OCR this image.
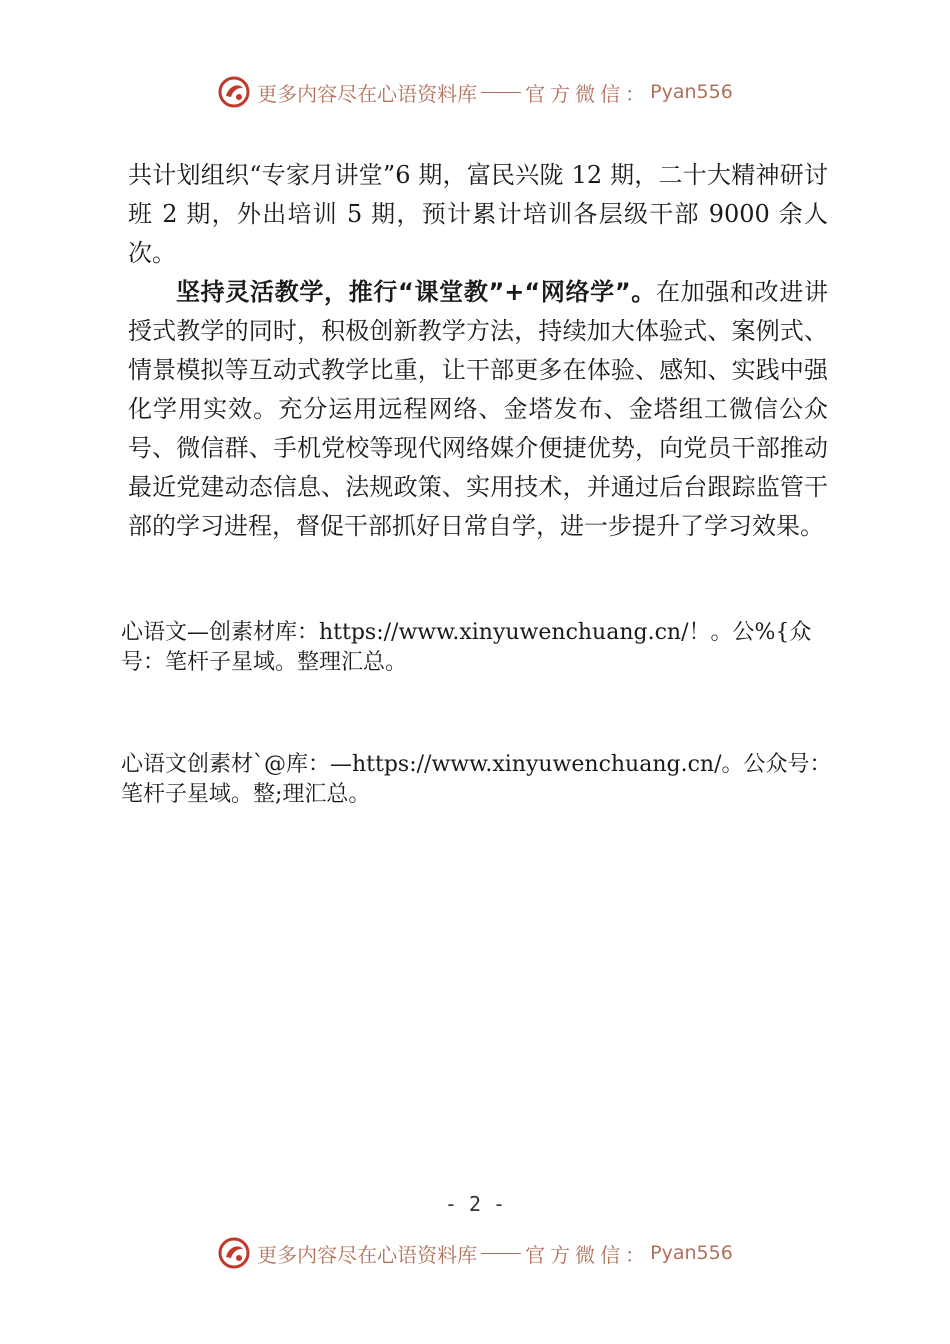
更多内容尽在心语资料库 官方微信： Pyan556

共计划组织“专家月讲堂”6 期，富民兴陇 12 期，二十大精神研讨班 2 期，外出培训 5 期，预计累计培训各层级干部 9000 余人次。

坚持灵活教学，推行“课堂教”+“网络学”。在加强和改进讲授式教学的同时，积极创新教学方法，持续加大体验式、案例式、情景模拟等互动式教学比重，让干部更多在体验、感知、实践中强化学用实效。充分运用远程网络、金塔发布、金塔组工微信公众号、微信群、手机党校等现代网络媒介便捷优势，向党员干部推动最近党建动态信息、法规政策、实用技术，并通过后台跟踪监管干部的学习进程，督促干部抓好日常自学，进一步提升了学习效果。

心语文—创素材库：https://www.xinyuwenchuang.cn/！。公%{众号：笔杆子星域。整理汇总。

心语文创素材`@库：—https://www.xinyuwenchuang.cn/。公众号：笔杆子星域。整;理汇总。

- 2 -
更多内容尽在心语资料库 官方微信： Pyan556
